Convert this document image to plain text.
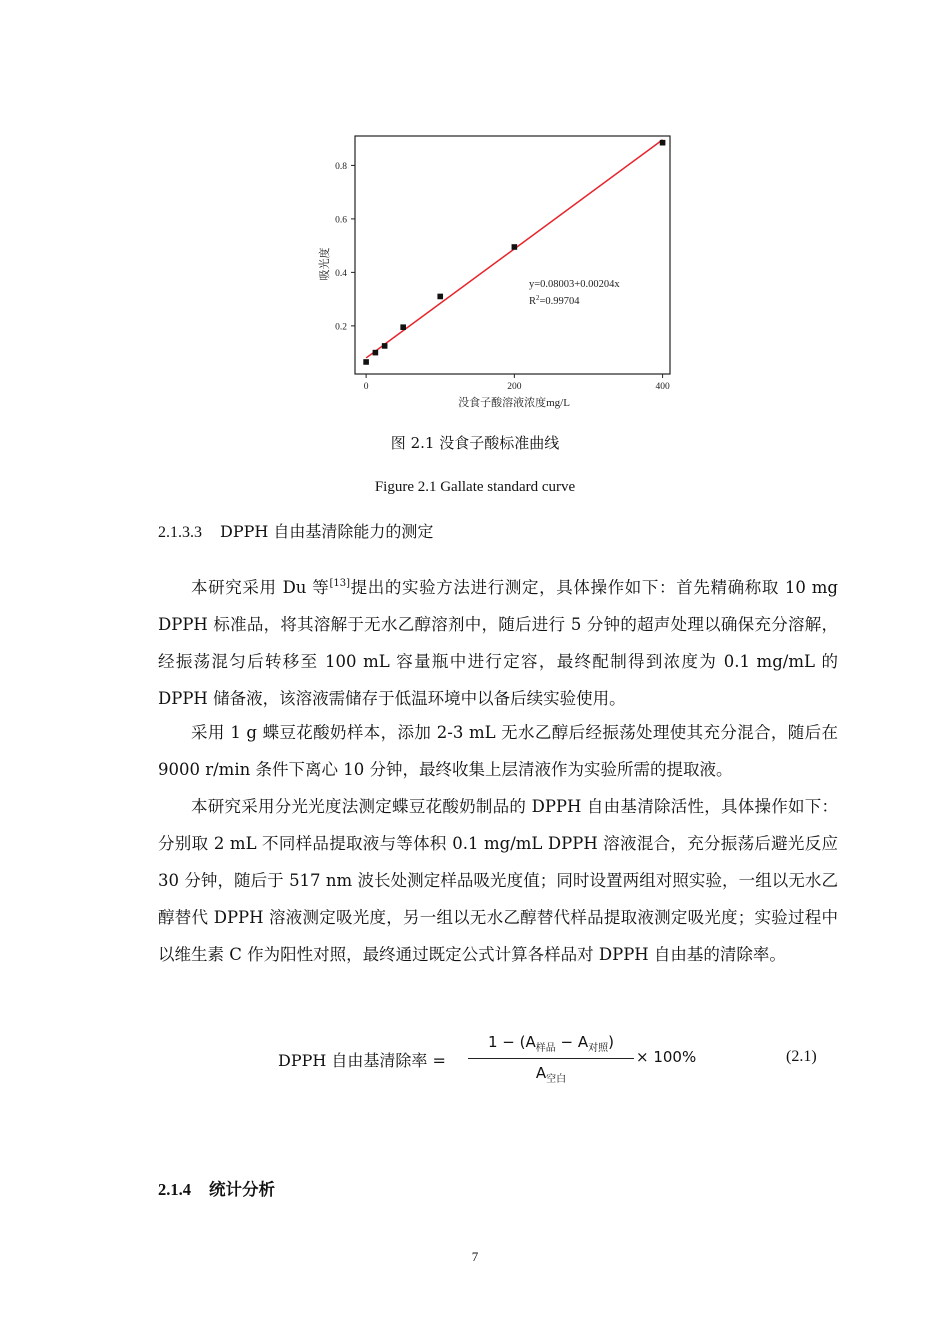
0.2
0.4
0.6
0.8
0	200	400
吸光度
没食子酸溶液浓度mg/L
y=0.08003+0.00204x
$R^2=0.99704$
图 2.1 没食子酸标准曲线
Figure 2.1 Gallate standard curve
2.1.3.3 DPPH 自由基清除能力的测定
本研究采用 Du 等[13]提出的实验方法进行测定，具体操作如下：首先精确称取 10 mg DPPH 标准品，将其溶解于无水乙醇溶剂中，随后进行 5 分钟的超声处理以确保充分溶解，经振荡混匀后转移至 100 mL 容量瓶中进行定容，最终配制得到浓度为 0.1 mg/mL 的 DPPH 储备液，该溶液需储存于低温环境中以备后续实验使用。
采用 1 g 蝶豆花酸奶样本，添加 2-3 mL 无水乙醇后经振荡处理使其充分混合，随后在 9000 r/min 条件下离心 10 分钟，最终收集上层清液作为实验所需的提取液。
本研究采用分光光度法测定蝶豆花酸奶制品的 DPPH 自由基清除活性，具体操作如下：分别取 2 mL 不同样品提取液与等体积 0.1 mg/mL DPPH 溶液混合，充分振荡后避光反应 30 分钟，随后于 517 nm 波长处测定样品吸光度值；同时设置两组对照实验，一组以无水乙醇替代 DPPH 溶液测定吸光度，另一组以无水乙醇替代样品提取液测定吸光度；实验过程中以维生素 C 作为阳性对照，最终通过既定公式计算各样品对 DPPH 自由基的清除率。
DPPH 自由基清除率 =
$1 - (A_{样品} - A_{对照})$
$A_{空白}$
× 100%	(2.1)
2.1.4 统计分析
7
